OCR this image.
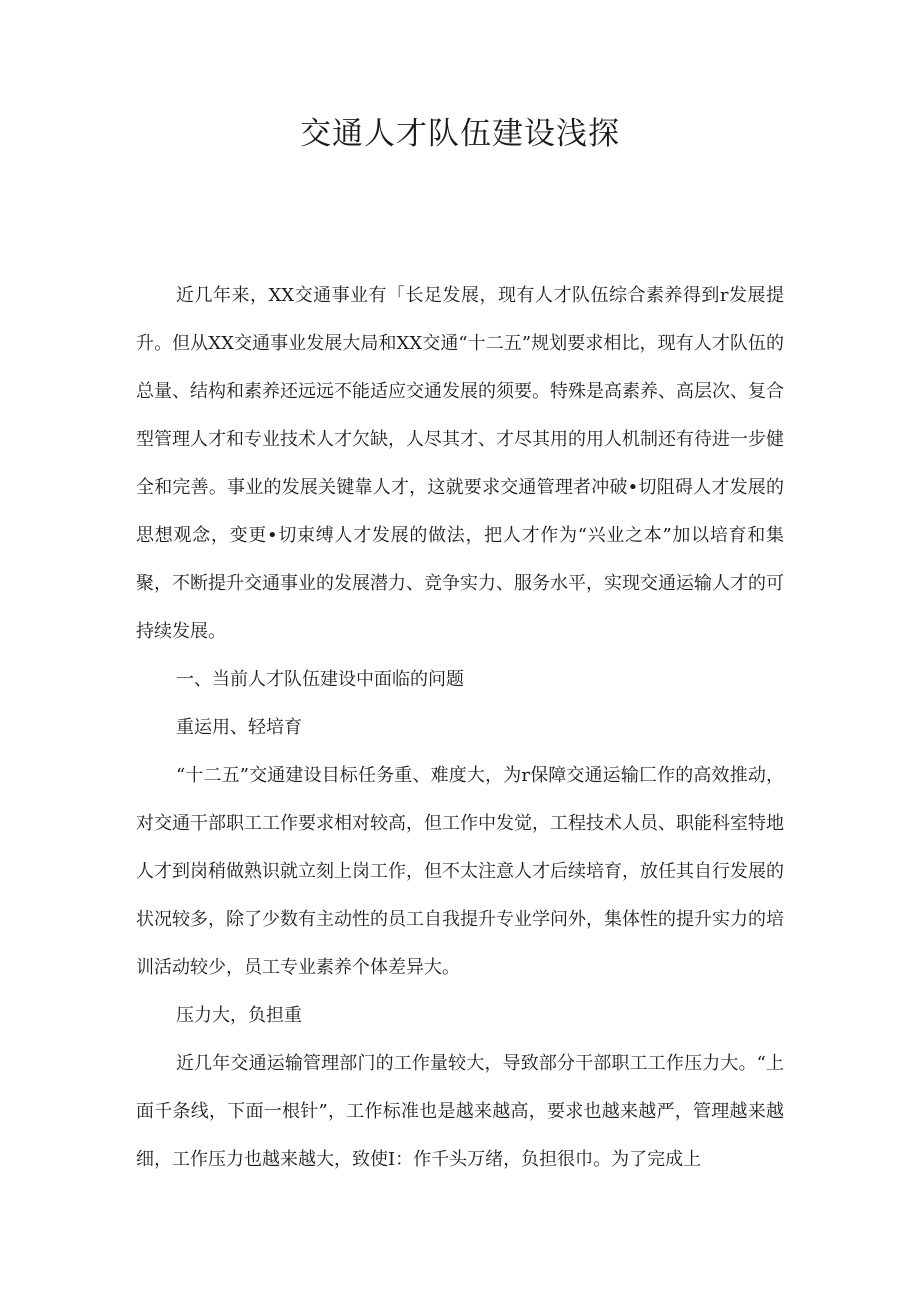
交通人才队伍建设浅探

近几年来，XX交通事业有「长足发展，现有人才队伍综合素养得到r发展提升。但从XX交通事业发展大局和XX交通“十二五”规划要求相比，现有人才队伍的总量、结构和素养还远远不能适应交通发展的须要。特殊是高素养、高层次、复合型管理人才和专业技术人才欠缺，人尽其才、才尽其用的用人机制还有待进一步健全和完善。事业的发展关键靠人才，这就要求交通管理者冲破•切阻碍人才发展的思想观念，变更•切束缚人才发展的做法，把人才作为“兴业之本”加以培育和集聚，不断提升交通事业的发展潜力、竞争实力、服务水平，实现交通运输人才的可持续发展。

一、当前人才队伍建设中面临的问题

重运用、轻培育

“十二五”交通建设目标任务重、难度大，为r保障交通运输匚作的高效推动，对交通干部职工工作要求相对较高，但工作中发觉，工程技术人员、职能科室特地人才到岗稍做熟识就立刻上岗工作，但不太注意人才后续培育，放任其自行发展的状况较多，除了少数有主动性的员工自我提升专业学问外，集体性的提升实力的培训活动较少，员工专业素养个体差异大。

压力大，负担重

近几年交通运输管理部门的工作量较大，导致部分干部职工工作压力大。“上面千条线，下面一根针”，工作标准也是越来越高，要求也越来越严，管理越来越细，工作压力也越来越大，致使I：作千头万绪，负担很巾。为了完成上
